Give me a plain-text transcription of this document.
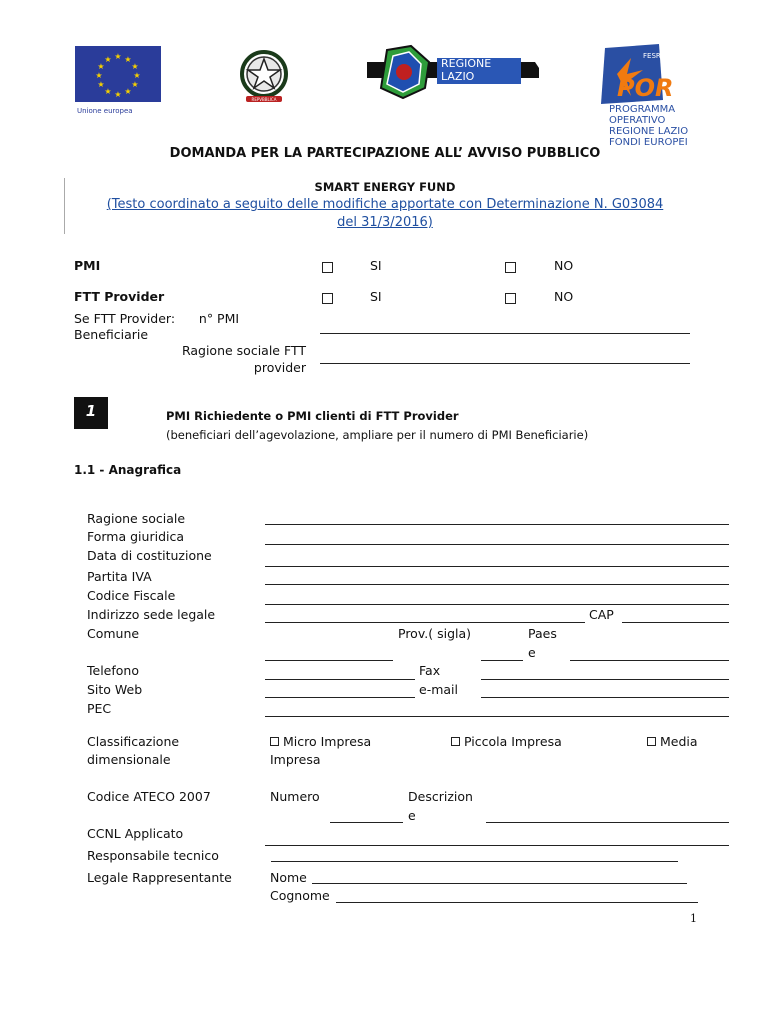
★ ★
★
★
★
★
★
★
★
★
★
★
Unione europea
REPVBBLICA
REGIONE
LAZIO
FESR
POR
PROGRAMMA
OPERATIVO
REGIONE LAZIO
FONDI EUROPEI
DOMANDA PER LA PARTECIPAZIONE ALL’ AVVISO PUBBLICO
SMART ENERGY FUND
(Testo coordinato a seguito delle modifiche apportate con Determinazione N. G03084
del 31/3/2016)
PMI	SI	NO
FTT Provider	SI	NO
Se FTT Provider:      n° PMI
Beneficiarie
Ragione sociale FTT
provider
1	PMI Richiedente o PMI clienti di FTT Provider
(beneficiari dell’agevolazione, ampliare per il numero di PMI Beneficiarie)
1.1 - Anagrafica
Ragione sociale
Forma giuridica
Data di costituzione
Partita IVA
Codice Fiscale
Indirizzo sede legale	CAP
Comune	Prov.( sigla)	Paes
e
Telefono	Fax
Sito Web	e-mail
PEC
Classificazione
dimensionale
Micro Impresa	Piccola Impresa	Media
Impresa
Codice ATECO 2007	Numero	Descrizion
e
CCNL Applicato
Responsabile tecnico
Legale Rappresentante	Nome
Cognome
1
